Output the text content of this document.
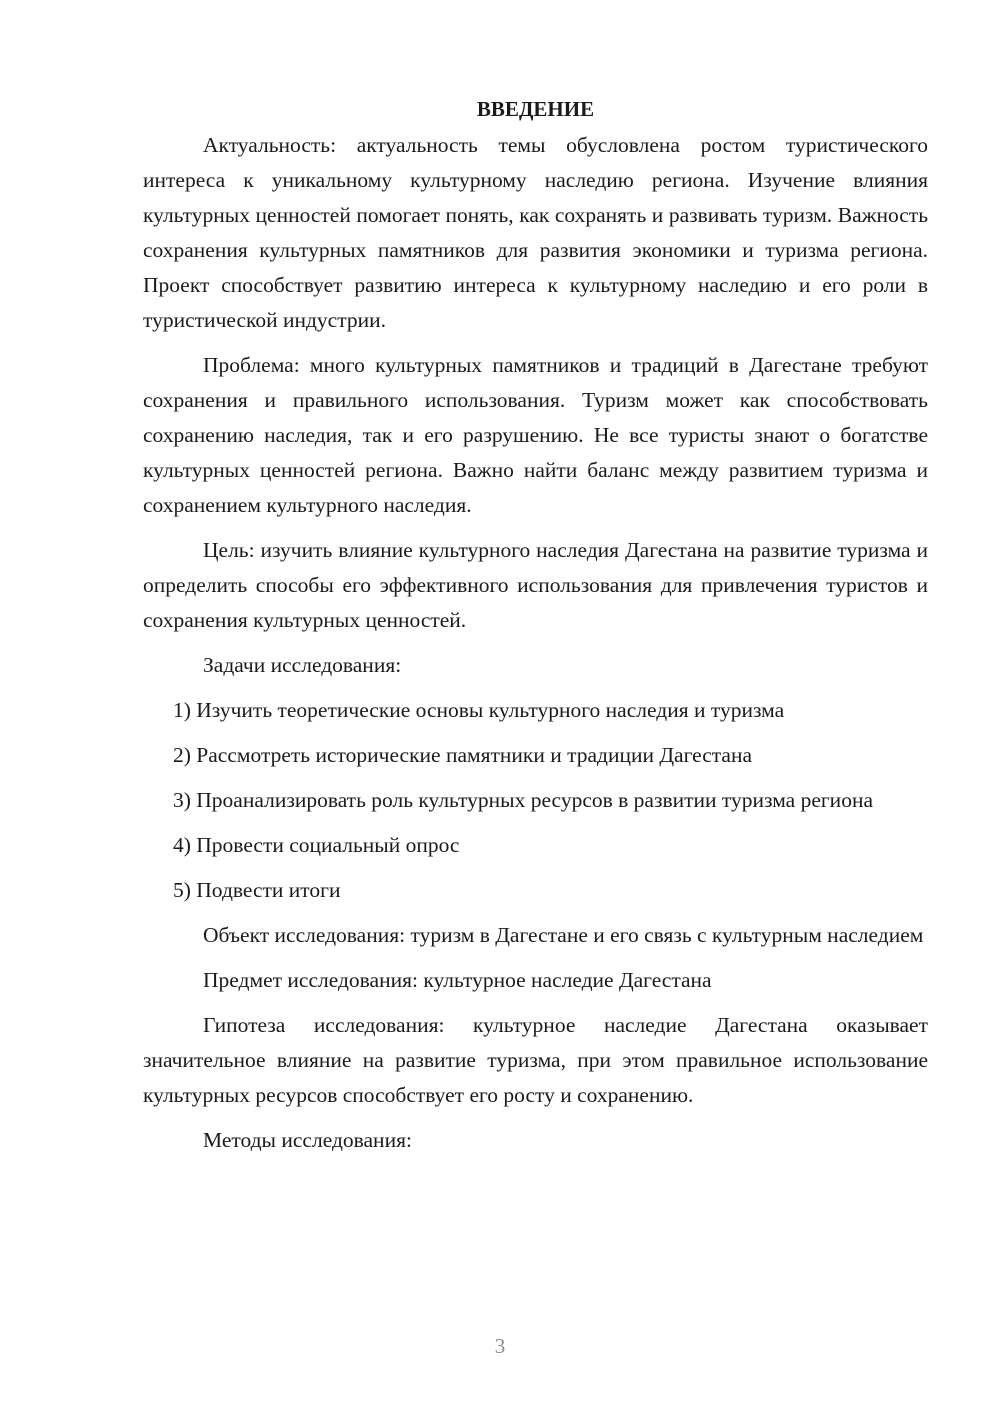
ВВЕДЕНИЕ

Актуальность: актуальность темы обусловлена ростом туристического интереса к уникальному культурному наследию региона. Изучение влияния культурных ценностей помогает понять, как сохранять и развивать туризм. Важность сохранения культурных памятников для развития экономики и туризма региона. Проект способствует развитию интереса к культурному наследию и его роли в туристической индустрии.

Проблема: много культурных памятников и традиций в Дагестане требуют сохранения и правильного использования. Туризм может как способствовать сохранению наследия, так и его разрушению. Не все туристы знают о богатстве культурных ценностей региона. Важно найти баланс между развитием туризма и сохранением культурного наследия.

Цель: изучить влияние культурного наследия Дагестана на развитие туризма и определить способы его эффективного использования для привлечения туристов и сохранения культурных ценностей.

Задачи исследования:

1) Изучить теоретические основы культурного наследия и туризма

2) Рассмотреть исторические памятники и традиции Дагестана

3) Проанализировать роль культурных ресурсов в развитии туризма региона

4) Провести социальный опрос

5) Подвести итоги

Объект исследования: туризм в Дагестане и его связь с культурным наследием

Предмет исследования: культурное наследие Дагестана

Гипотеза исследования: культурное наследие Дагестана оказывает значительное влияние на развитие туризма, при этом правильное использование культурных ресурсов способствует его росту и сохранению.

Методы исследования:

3
